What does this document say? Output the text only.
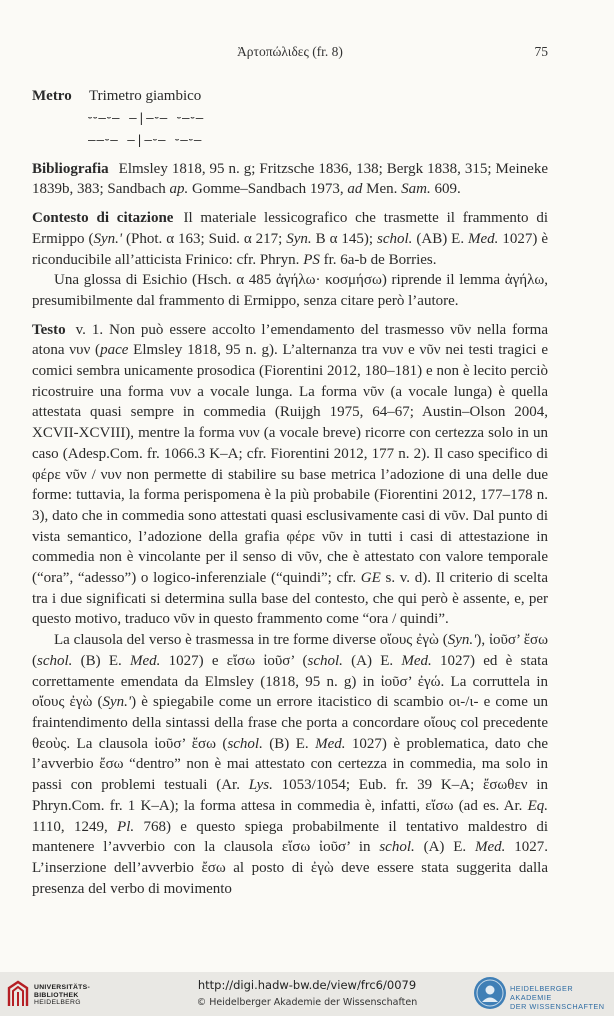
Ἀρτοπώλιδες (fr. 8)	75

Metro Trimetro giambico

⏑⏑–⏑– –|–⏑– ⏑–⏑–
––⏑– –|–⏑– ⏑–⏑–

Bibliografia Elmsley 1818, 95 n. g; Fritzsche 1836, 138; Bergk 1838, 315; Meineke 1839b, 383; Sandbach ap. Gomme–Sandbach 1973, ad Men. Sam. 609.

Contesto di citazione Il materiale lessicografico che trasmette il frammento di Ermippo (Syn.ʹ (Phot. α 163; Suid. α 217; Syn. B α 145); schol. (AB) E. Med. 1027) è riconducibile all’atticista Frinico: cfr. Phryn. PS fr. 6a-b de Borries.

Una glossa di Esichio (Hsch. α 485 ἀγήλω· κοσμήσω) riprende il lemma ἀγήλω, presumibilmente dal frammento di Ermippo, senza citare però l’autore.

Testo v. 1. Non può essere accolto l’emendamento del trasmesso νῦν nella forma atona νυν (pace Elmsley 1818, 95 n. g). L’alternanza tra νυν e νῦν nei testi tragici e comici sembra unicamente prosodica (Fiorentini 2012, 180–181) e non è lecito perciò ricostruire una forma νυν a vocale lunga. La forma νῦν (a vocale lunga) è quella attestata quasi sempre in commedia (Ruijgh 1975, 64–67; Austin–Olson 2004, XCVII-XCVIII), mentre la forma νυν (a vocale breve) ricorre con certezza solo in un caso (Adesp.Com. fr. 1066.3 K–A; cfr. Fiorentini 2012, 177 n. 2). Il caso specifico di φέρε νῦν / νυν non permette di stabilire su base metrica l’adozione di una delle due forme: tuttavia, la forma perispomena è la più probabile (Fiorentini 2012, 177–178 n. 3), dato che in commedia sono attestati quasi esclusivamente casi di νῦν. Dal punto di vista semantico, l’adozione della grafia φέρε νῦν in tutti i casi di attestazione in commedia non è vincolante per il senso di νῦν, che è attestato con valore temporale (“ora”, “adesso”) o logico-inferenziale (“quindi”; cfr. GE s. v. d). Il criterio di scelta tra i due significati si determina sulla base del contesto, che qui però è assente, e, per questo motivo, traduco νῦν in questo frammento come “ora / quindi”.

La clausola del verso è trasmessa in tre forme diverse οἴους ἐγὼ (Syn.ʹ), ἰοῦσ’ ἔσω (schol. (B) E. Med. 1027) e εἴσω ἰοῦσ’ (schol. (A) E. Med. 1027) ed è stata correttamente emendata da Elmsley (1818, 95 n. g) in ἰοῦσ’ ἐγώ. La corruttela in οἴους ἐγὼ (Syn.ʹ) è spiegabile come un errore itacistico di scambio οι-/ι- e come un fraintendimento della sintassi della frase che porta a concordare οἴους col precedente θεοὺς. La clausola ἰοῦσ’ ἔσω (schol. (B) E. Med. 1027) è problematica, dato che l’avverbio ἔσω “dentro” non è mai attestato con certezza in commedia, ma solo in passi con problemi testuali (Ar. Lys. 1053/1054; Eub. fr. 39 K–A; ἔσωθεν in Phryn.Com. fr. 1 K–A); la forma attesa in commedia è, infatti, εἴσω (ad es. Ar. Eq. 1110, 1249, Pl. 768) e questo spiega probabilmente il tentativo maldestro di mantenere l’avverbio con la clausola εἴσω ἰοῦσ’ in schol. (A) E. Med. 1027. L’inserzione dell’avverbio ἔσω al posto di ἐγὼ deve essere stata suggerita dalla presenza del verbo di movimento

UNIVERSITÄTS-
BIBLIOTHEK
HEIDELBERG
http://digi.hadw-bw.de/view/frc6/0079
© Heidelberger Akademie der Wissenschaften
HEIDELBERGER AKADEMIE
DER WISSENSCHAFTEN
